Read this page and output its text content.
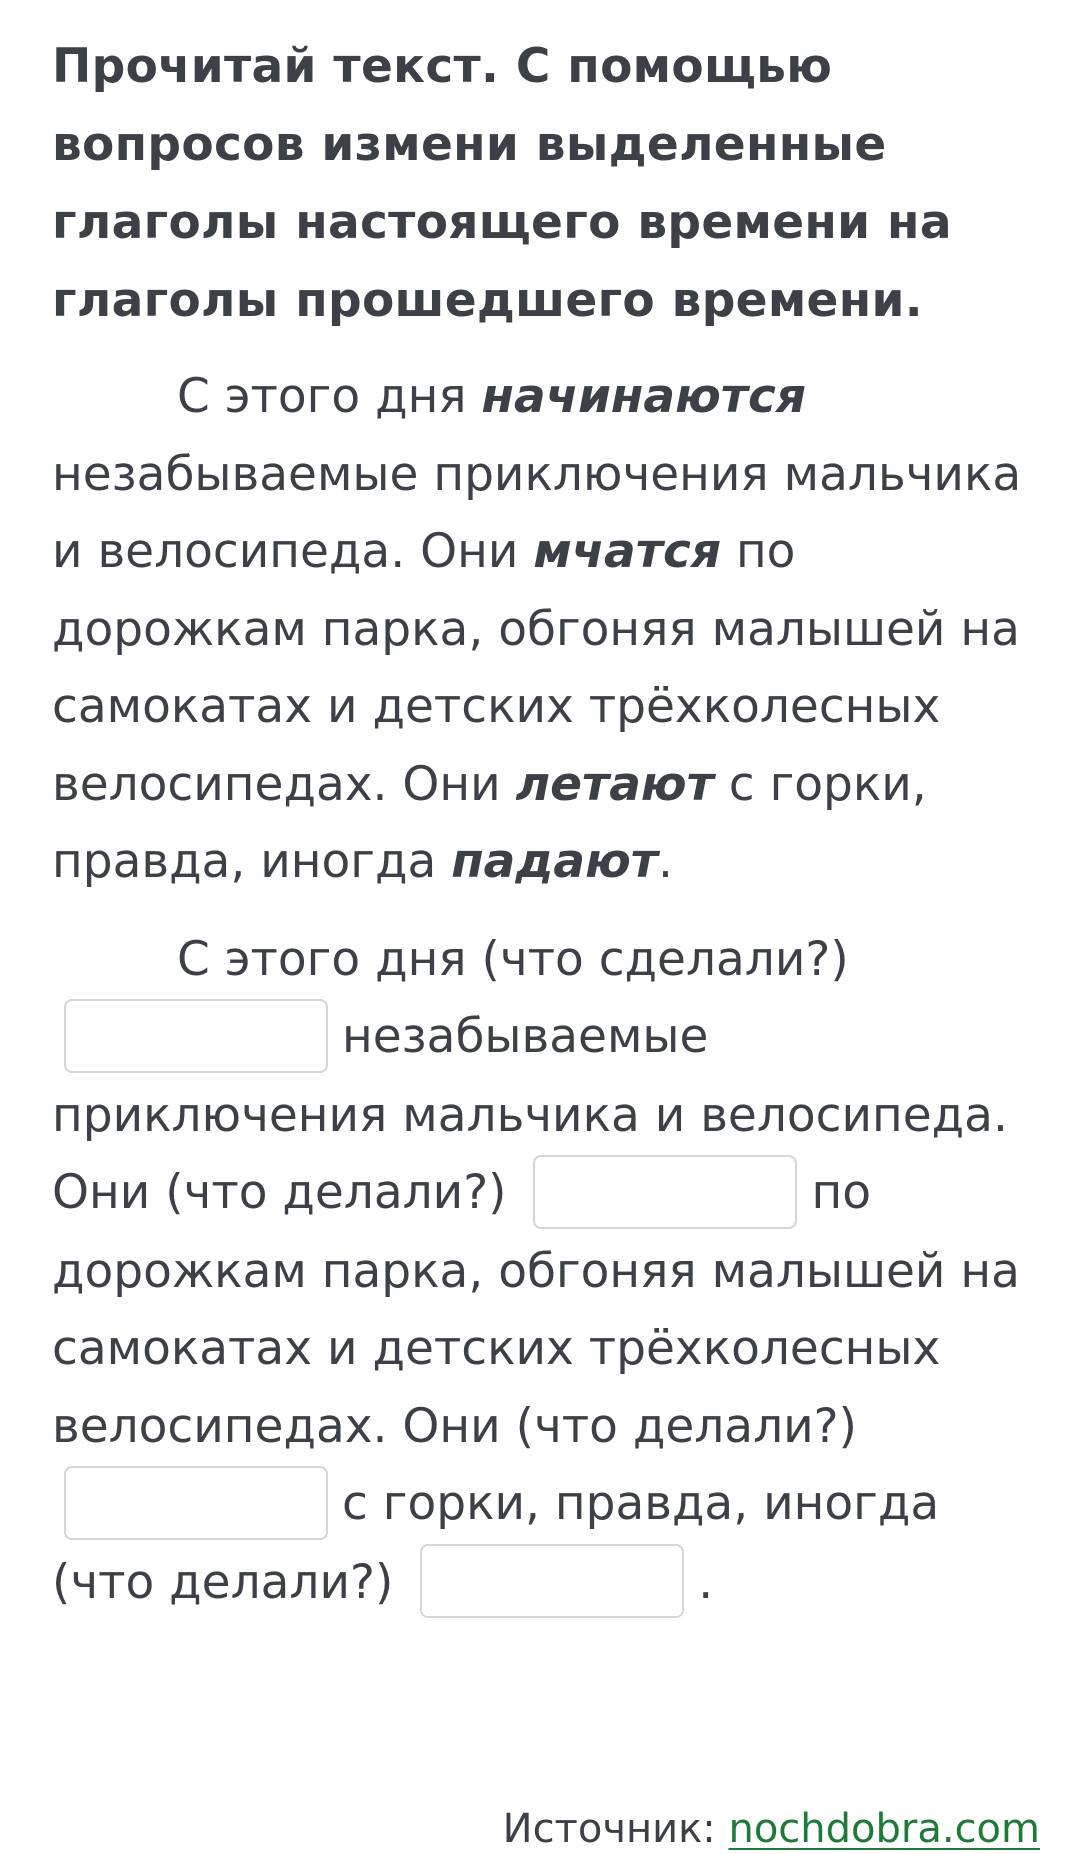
Прочитай текст. С помощью вопросов измени выделенные глаголы настоящего времени на глаголы прошедшего времени.

С этого дня начинаются незабываемые приключения мальчика и велосипеда. Они мчатся по дорожкам парка, обгоняя малышей на самокатах и детских трёхколесных велосипедах. Они летают с горки, правда, иногда падают.

С этого дня (что сделали?) незабываемые приключения мальчика и велосипеда. Они (что делали?)	по дорожкам парка, обгоняя малышей на самокатах и детских трёхколесных велосипедах. Они (что делали?) с горки, правда, иногда (что делали?)	.

Источник: nochdobra.com
